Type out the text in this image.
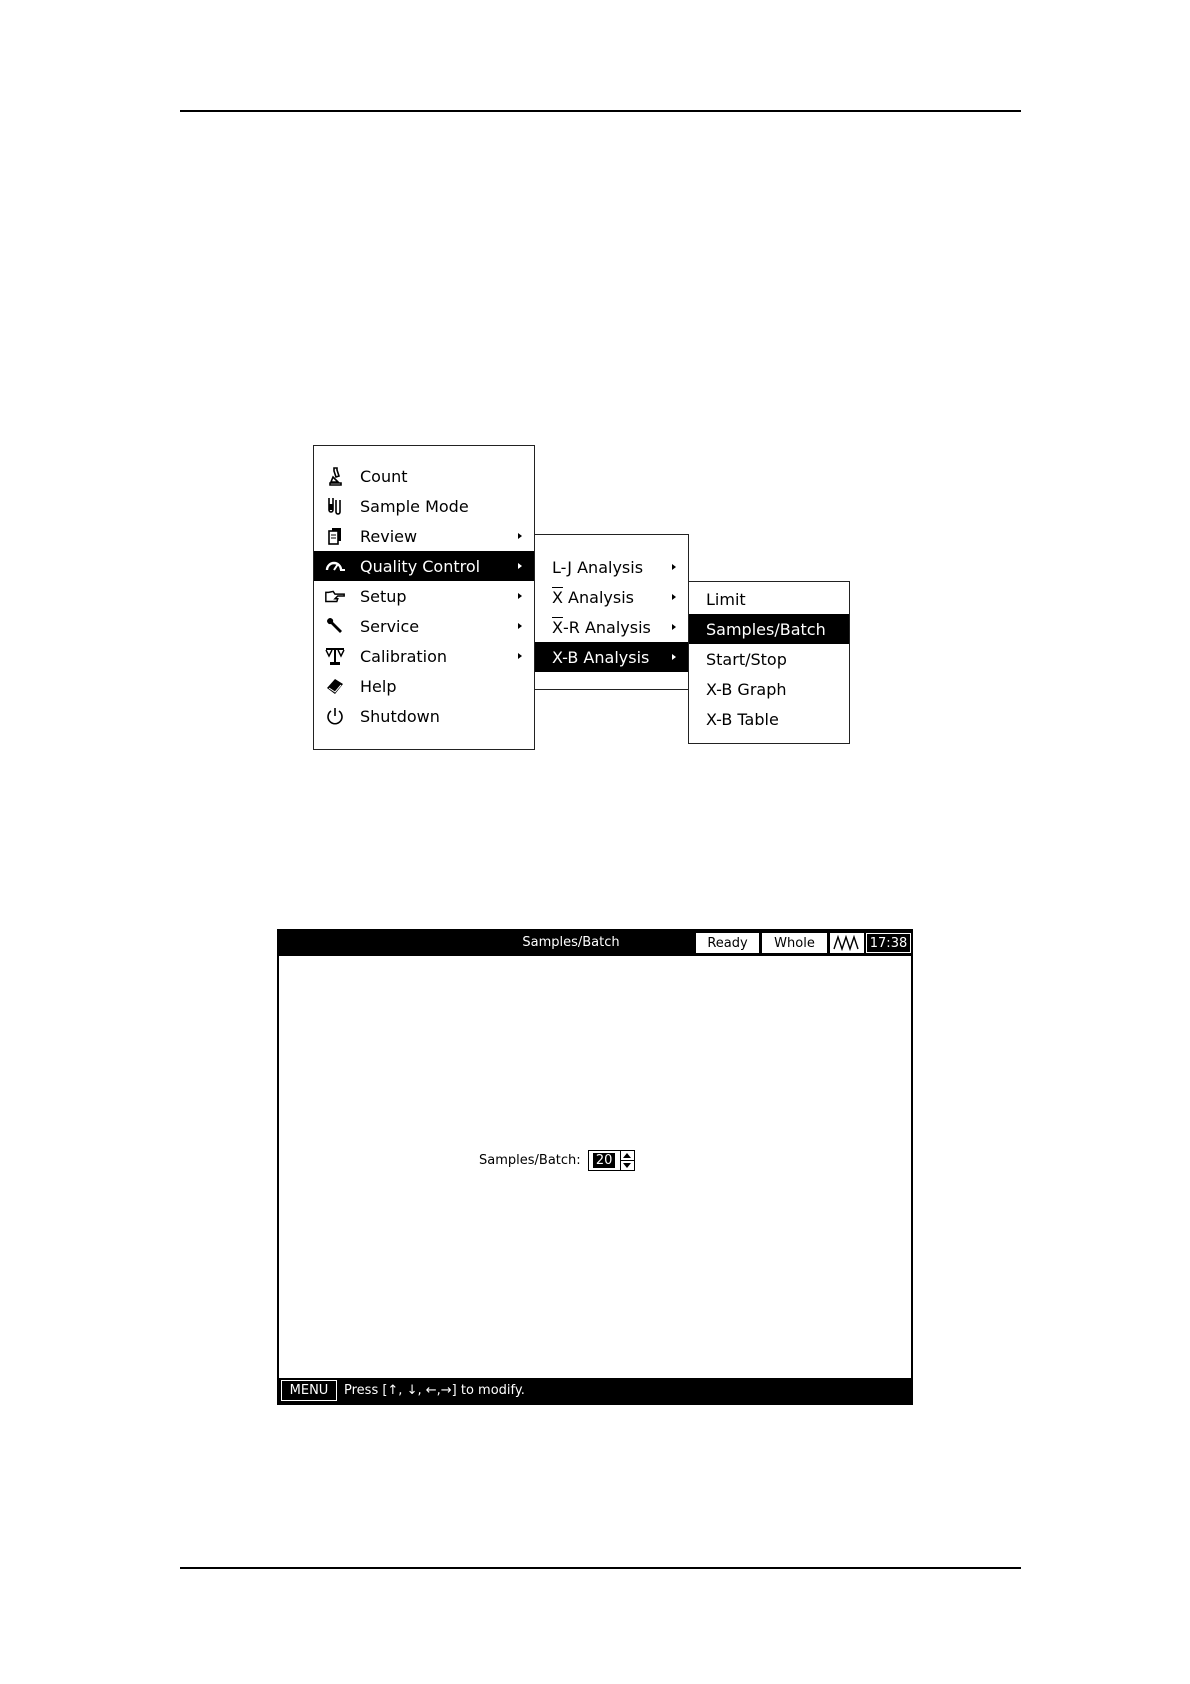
Count
Sample Mode
Review
Quality Control
Setup
Service
Calibration
Help
Shutdown
L-J Analysis
$\overline{X}$ Analysis
$\overline{X}$ -R Analysis
X-B Analysis
Limit
Samples/Batch
Start/Stop
X-B Graph
X-B Table
Samples/Batch	Ready	Whole	17:38
Samples/Batch: 20
MENU	Press [↑, ↓, ←,→] to modify.
